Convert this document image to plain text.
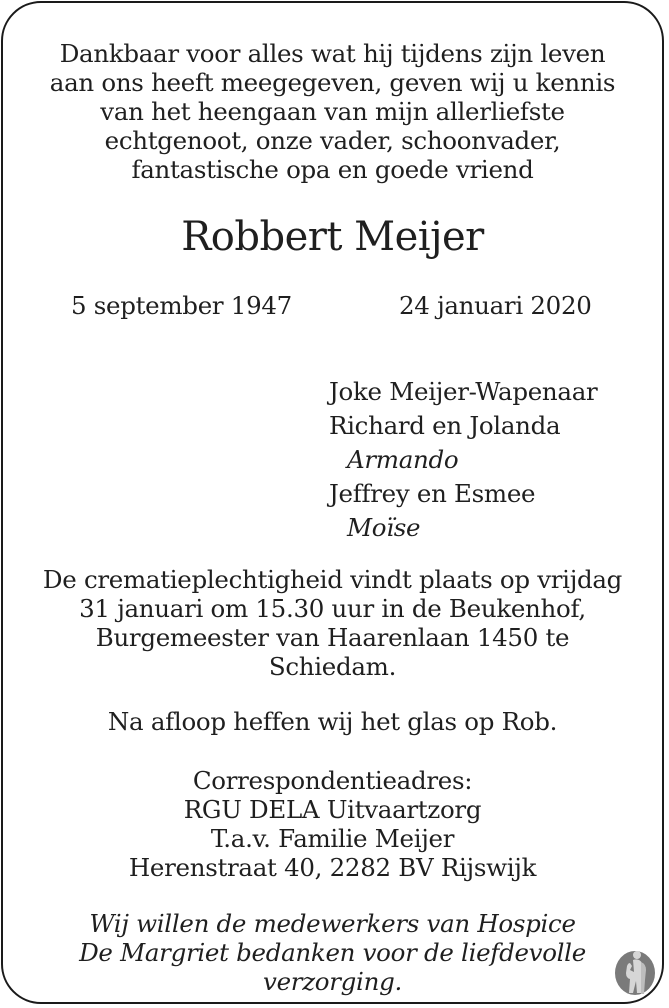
Dankbaar voor alles wat hij tijdens zijn leven
aan ons heeft meegegeven, geven wij u kennis
van het heengaan van mijn allerliefste
echtgenoot, onze vader, schoonvader,
fantastische opa en goede vriend
Robbert Meijer
5 september 1947	24 januari 2020
Joke Meijer-Wapenaar
Richard en Jolanda
Armando
Jeffrey en Esmee
Moïse
De crematieplechtigheid vindt plaats op vrijdag
31 januari om 15.30 uur in de Beukenhof,
Burgemeester van Haarenlaan 1450 te
Schiedam.
Na afloop heffen wij het glas op Rob.
Correspondentieadres:
RGU DELA Uitvaartzorg
T.a.v. Familie Meijer
Herenstraat 40, 2282 BV Rijswijk
Wij willen de medewerkers van Hospice
De Margriet bedanken voor de liefdevolle
verzorging.
